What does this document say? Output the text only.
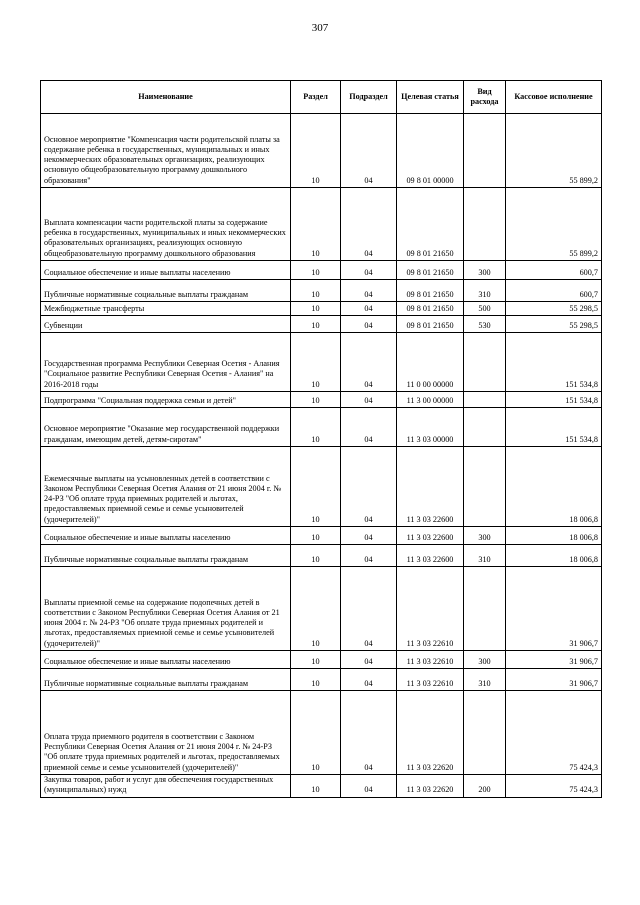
307
Наименование	Раздел	Подраздел	Целевая статья	Вид расхода	Кассовое исполнение
Основное мероприятие "Компенсация части родительской платы за содержание ребенка в государственных, муниципальных и иных некоммерческих образовательных организациях, реализующих основную общеобразовательную программу дошкольного образования"	10	04	09 8 01 00000		55 899,2
Выплата компенсации части родительской платы за содержание ребенка в государственных, муниципальных и иных некоммерческих образовательных организациях, реализующих основную общеобразовательную программу дошкольного образования	10	04	09 8 01 21650		55 899,2
Социальное обеспечение и иные выплаты населению	10	04	09 8 01 21650	300	600,7
Публичные нормативные социальные выплаты гражданам	10	04	09 8 01 21650	310	600,7
Межбюджетные трансферты	10	04	09 8 01 21650	500	55 298,5
Субвенции	10	04	09 8 01 21650	530	55 298,5
Государственная программа Республики Северная Осетия - Алания "Социальное развитие Республики Северная Осетия - Алания" на 2016-2018 годы	10	04	11 0 00 00000		151 534,8
Подпрограмма "Социальная поддержка семьи и детей"	10	04	11 3 00 00000		151 534,8
Основное мероприятие "Оказание мер государственной поддержки гражданам, имеющим детей, детям-сиротам"	10	04	11 3 03 00000		151 534,8
Ежемесячные выплаты на усыновленных детей в соответствии с Законом Республики Северная Осетия Алания от 21 июня 2004 г. № 24-РЗ "Об оплате труда приемных родителей и льготах, предоставляемых приемной семье и семье усыновителей (удочерителей)"	10	04	11 3 03 22600		18 006,8
Социальное обеспечение и иные выплаты населению	10	04	11 3 03 22600	300	18 006,8
Публичные нормативные социальные выплаты гражданам	10	04	11 3 03 22600	310	18 006,8
Выплаты приемной семье на содержание подопечных детей в соответствии с Законом Республики Северная Осетия Алания от 21 июня 2004 г. № 24-РЗ "Об оплате труда приемных родителей и льготах, предоставляемых приемной семье и семье усыновителей (удочерителей)"	10	04	11 3 03 22610		31 906,7
Социальное обеспечение и иные выплаты населению	10	04	11 3 03 22610	300	31 906,7
Публичные нормативные социальные выплаты гражданам	10	04	11 3 03 22610	310	31 906,7
Оплата труда приемного родителя в соответствии с Законом Республики Северная Осетия Алания от 21 июня 2004 г. № 24-РЗ "Об оплате труда приемных родителей и льготах, предоставляемых приемной семье и семье усыновителей (удочерителей)"	10	04	11 3 03 22620		75 424,3
Закупка товаров, работ и услуг для обеспечения государственных (муниципальных) нужд	10	04	11 3 03 22620	200	75 424,3
